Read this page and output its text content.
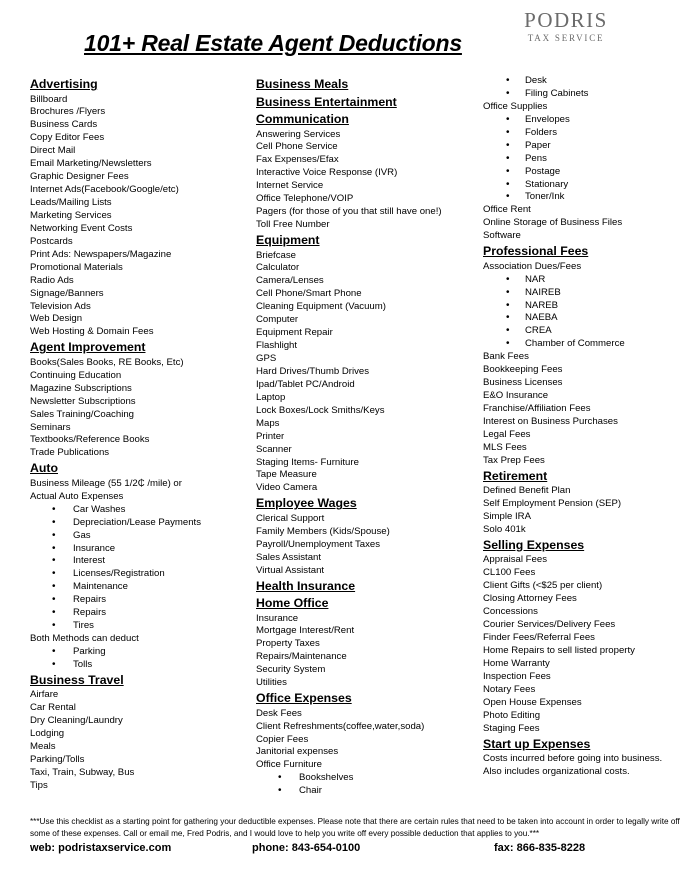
101+ Real Estate Agent Deductions
PODRIS
TAX SERVICE
Advertising
Billboard
Brochures /Flyers
Business Cards
Copy Editor Fees
Direct Mail
Email Marketing/Newsletters
Graphic Designer Fees
Internet Ads(Facebook/Google/etc)
Leads/Mailing Lists
Marketing Services
Networking Event Costs
Postcards
Print Ads: Newspapers/Magazine
Promotional Materials
Radio Ads
Signage/Banners
Television Ads
Web Design
Web Hosting & Domain Fees
Agent Improvement
Books(Sales Books, RE Books, Etc)
Continuing Education
Magazine Subscriptions
Newsletter Subscriptions
Sales Training/Coaching
Seminars
Textbooks/Reference Books
Trade Publications
Auto
Business Mileage (55 1/2₵ /mile) or
Actual Auto Expenses
• Car Washes
• Depreciation/Lease Payments
• Gas
• Insurance
• Interest
• Licenses/Registration
• Maintenance
• Repairs
• Repairs
• Tires
Both Methods can deduct
• Parking
• Tolls
Business Travel
Airfare
Car Rental
Dry Cleaning/Laundry
Lodging
Meals
Parking/Tolls
Taxi, Train, Subway, Bus
Tips
Business Meals
Business Entertainment
Communication
Answering Services
Cell Phone Service
Fax Expenses/Efax
Interactive Voice Response (IVR)
Internet Service
Office Telephone/VOIP
Pagers (for those of you that still have one!)
Toll Free Number
Equipment
Briefcase
Calculator
Camera/Lenses
Cell Phone/Smart Phone
Cleaning Equipment (Vacuum)
Computer
Equipment Repair
Flashlight
GPS
Hard Drives/Thumb Drives
Ipad/Tablet PC/Android
Laptop
Lock Boxes/Lock Smiths/Keys
Maps
Printer
Scanner
Staging Items- Furniture
Tape Measure
Video Camera
Employee Wages
Clerical Support
Family Members (Kids/Spouse)
Payroll/Unemployment Taxes
Sales Assistant
Virtual Assistant
Health Insurance
Home Office
Insurance
Mortgage Interest/Rent
Property Taxes
Repairs/Maintenance
Security System
Utilities
Office Expenses
Desk Fees
Client Refreshments(coffee,water,soda)
Copier Fees
Janitorial expenses
Office Furniture
• Bookshelves
• Chair
• Desk
• Filing Cabinets
Office Supplies
• Envelopes
• Folders
• Paper
• Pens
• Postage
• Stationary
• Toner/Ink
Office Rent
Online Storage of Business Files
Software
Professional Fees
Association Dues/Fees
• NAR
• NAIREB
• NAREB
• NAEBA
• CREA
• Chamber of Commerce
Bank Fees
Bookkeeping Fees
Business Licenses
E&O Insurance
Franchise/Affiliation Fees
Interest on Business Purchases
Legal Fees
MLS Fees
Tax Prep Fees
Retirement
Defined Benefit Plan
Self Employment Pension (SEP)
Simple IRA
Solo 401k
Selling Expenses
Appraisal Fees
CL100 Fees
Client Gifts (<$25 per client)
Closing Attorney Fees
Concessions
Courier Services/Delivery Fees
Finder Fees/Referral Fees
Home Repairs to sell listed property
Home Warranty
Inspection Fees
Notary Fees
Open House Expenses
Photo Editing
Staging Fees
Start up Expenses
Costs incurred before going into business.
Also includes organizational costs.
***Use this checklist as a starting point for gathering your deductible expenses. Please note that there are certain rules that need to be taken into account in order to legally write off some of these expenses. Call or email me, Fred Podris, and I would love to help you write off every possible deduction that applies to you.***
web: podristaxservice.com	phone: 843-654-0100	fax: 866-835-8228
